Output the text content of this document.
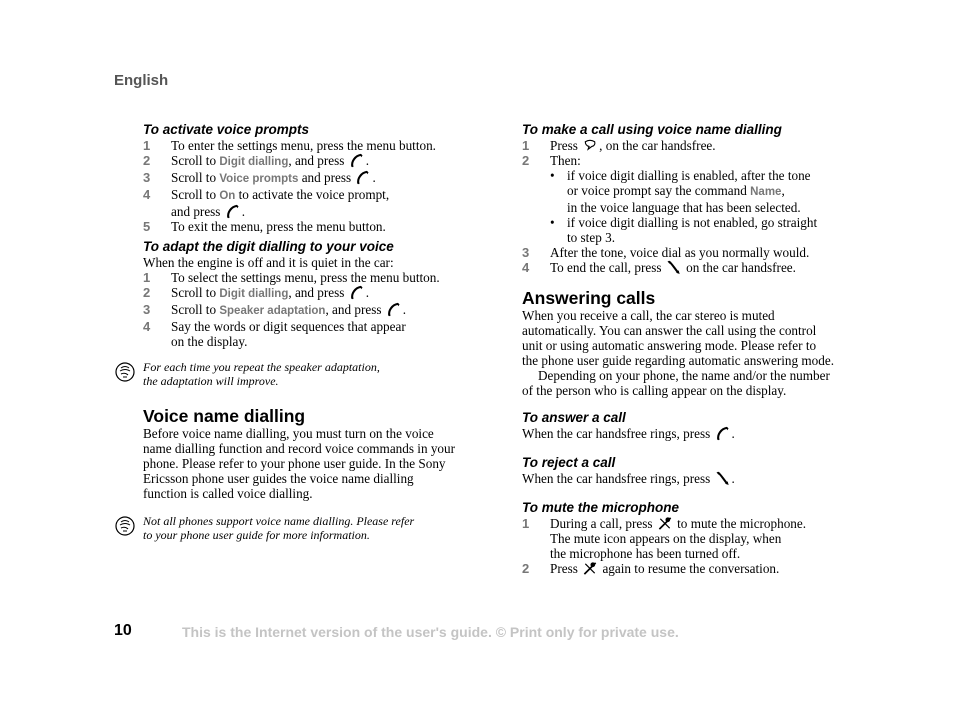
English
To activate voice prompts
1 To enter the settings menu, press the menu button.
2 Scroll to Digit dialling, and press .
3 Scroll to Voice prompts and press .
4 Scroll to On to activate the voice prompt,
and press .
5 To exit the menu, press the menu button.
To adapt the digit dialling to your voice
When the engine is off and it is quiet in the car:
1 To select the settings menu, press the menu button.
2 Scroll to Digit dialling, and press .
3 Scroll to Speaker adaptation, and press .
4 Say the words or digit sequences that appear
on the display.
For each time you repeat the speaker adaptation,
the adaptation will improve.
Voice name dialling
Before voice name dialling, you must turn on the voice
name dialling function and record voice commands in your
phone. Please refer to your phone user guide. In the Sony
Ericsson phone user guides the voice name dialling
function is called voice dialling.
Not all phones support voice name dialling. Please refer
to your phone user guide for more information.
To make a call using voice name dialling
1 Press , on the car handsfree.
2 Then:
• if voice digit dialling is enabled, after the tone
or voice prompt say the command Name,
in the voice language that has been selected.
• if voice digit dialling is not enabled, go straight
to step 3.
3 After the tone, voice dial as you normally would.
4 To end the call, press  on the car handsfree.
Answering calls
When you receive a call, the car stereo is muted
automatically. You can answer the call using the control
unit or using automatic answering mode. Please refer to
the phone user guide regarding automatic answering mode.
Depending on your phone, the name and/or the number
of the person who is calling appear on the display.
To answer a call
When the car handsfree rings, press .
To reject a call
When the car handsfree rings, press .
To mute the microphone
1 During a call, press  to mute the microphone.
The mute icon appears on the display, when
the microphone has been turned off.
2 Press  again to resume the conversation.
10	This is the Internet version of the user's guide. © Print only for private use.
